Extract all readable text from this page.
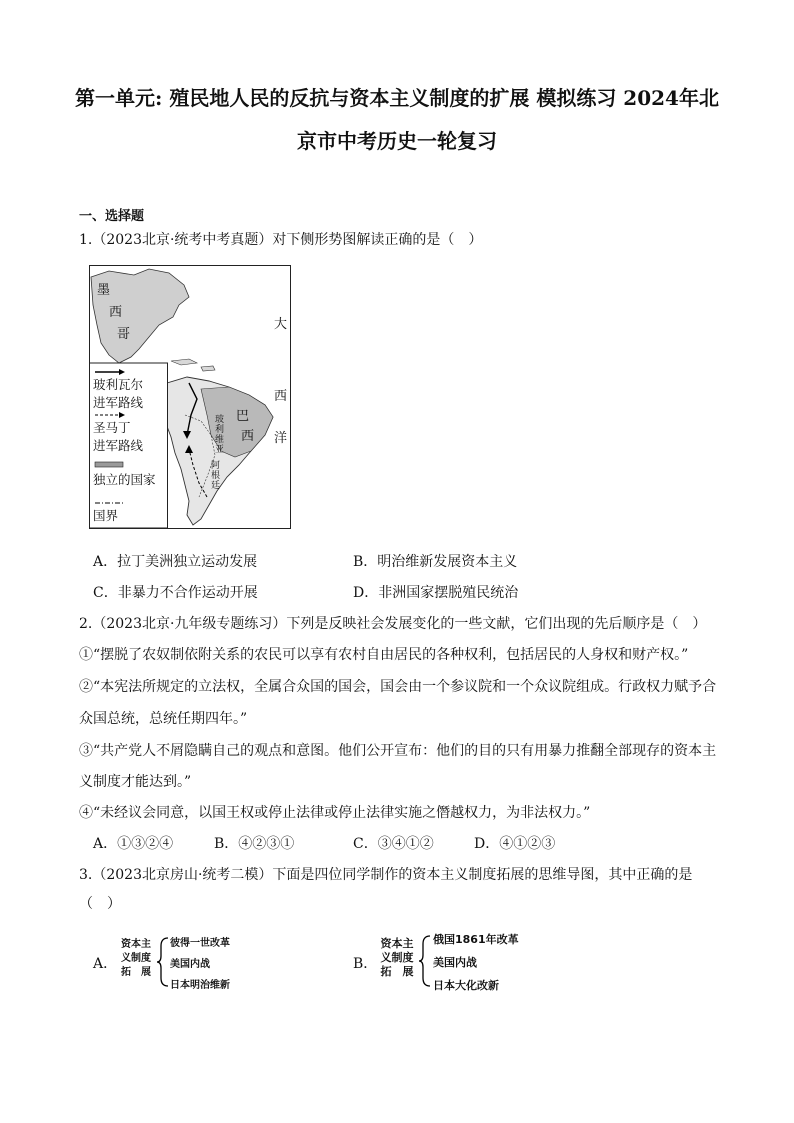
第一单元: 殖民地人民的反抗与资本主义制度的扩展 模拟练习 2024年北
京市中考历史一轮复习
一、选择题
1.（2023北京·统考中考真题）对下侧形势图解读正确的是（　）
墨
西
哥
大
西
洋
巴
西
玻利维亚
阿根廷
玻利瓦尔
进军路线
圣马丁
进军路线
独立的国家
国界
A．拉丁美洲独立运动发展	B．明治维新发展资本主义
C．非暴力不合作运动开展	D．非洲国家摆脱殖民统治
2.（2023北京·九年级专题练习）下列是反映社会发展变化的一些文献，它们出现的先后顺序是（　）
①“摆脱了农奴制依附关系的农民可以享有农村自由居民的各种权利，包括居民的人身权和财产权。”
②“本宪法所规定的立法权，全属合众国的国会，国会由一个参议院和一个众议院组成。行政权力赋予合
众国总统，总统任期四年。”
③“共产党人不屑隐瞒自己的观点和意图。他们公开宣布：他们的目的只有用暴力推翻全部现存的资本主
义制度才能达到。”
④“未经议会同意，以国王权或停止法律或停止法律实施之僭越权力，为非法权力。”
A．①③②④	B．④②③①	C．③④①②	D．④①②③
3.（2023北京房山·统考二模）下面是四位同学制作的资本主义制度拓展的思维导图，其中正确的是
（　）
A．
资本主
义制度
拓　展
彼得一世改革
美国内战
日本明治维新
B．
资本主
义制度
拓　展
俄国1861年改革
美国内战
日本大化改新
